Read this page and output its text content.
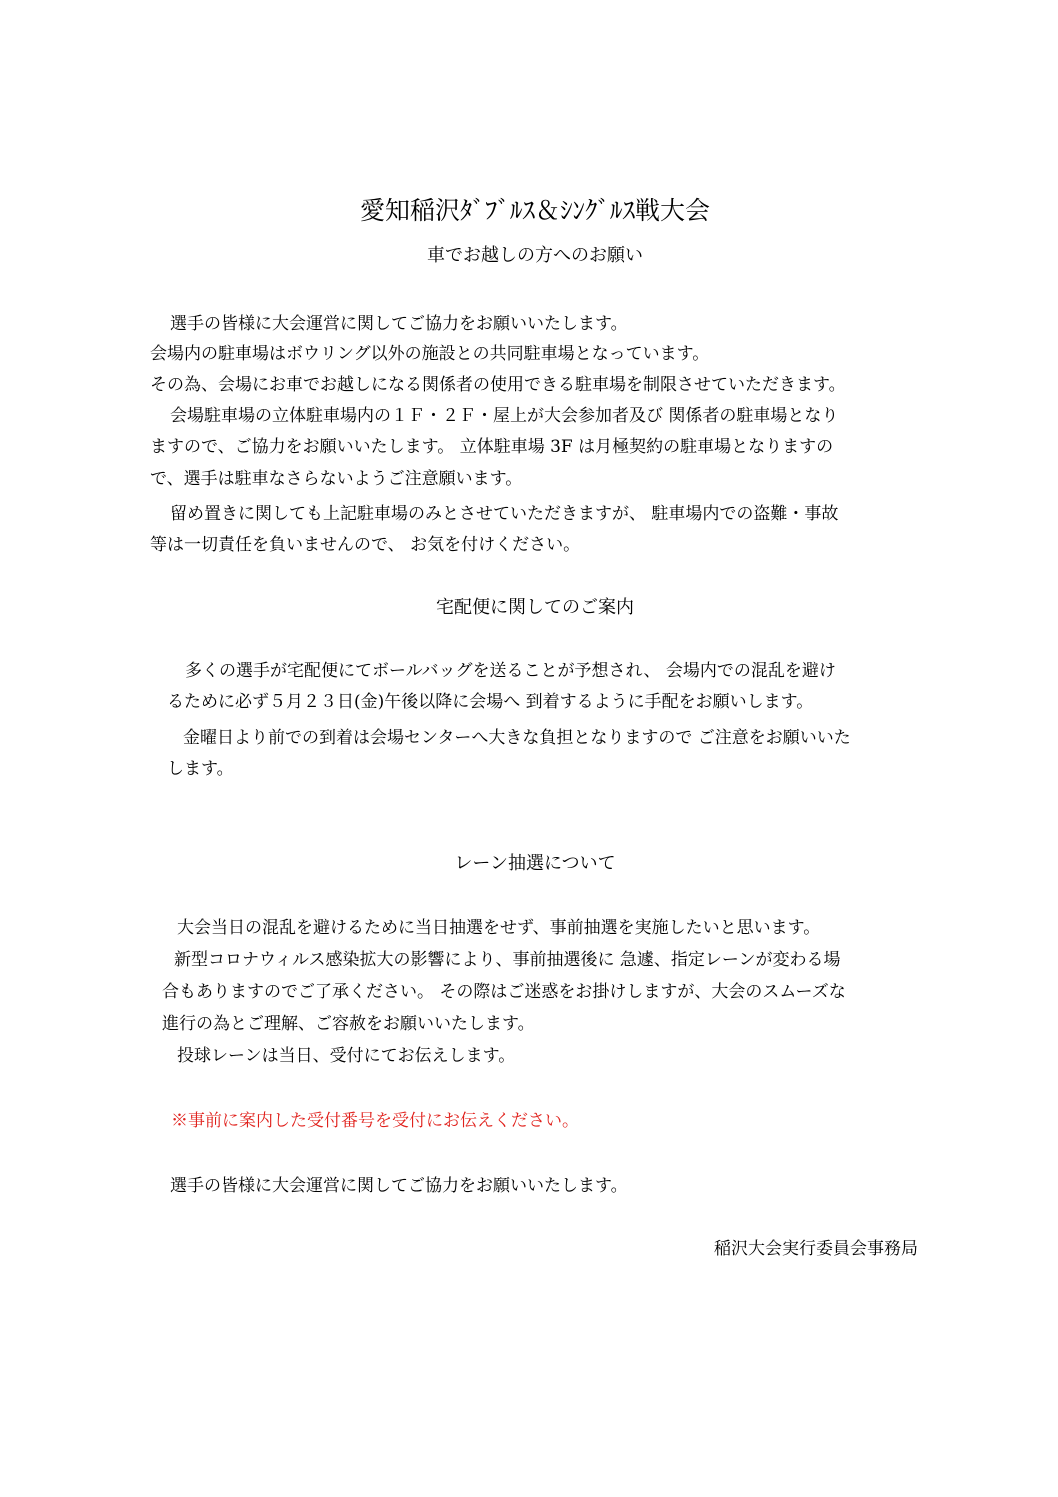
愛知稲沢ﾀﾞﾌﾞﾙｽ＆ｼﾝｸﾞﾙｽ戦大会
車でお越しの方へのお願い
選手の皆様に大会運営に関してご協力をお願いいたします。
会場内の駐車場はボウリング以外の施設との共同駐車場となっています。
その為、会場にお車でお越しになる関係者の使用できる駐車場を制限させていただきます。
会場駐車場の立体駐車場内の１Ｆ・２Ｆ・屋上が大会参加者及び 関係者の駐車場となり
ますので、ご協力をお願いいたします。 立体駐車場 3F は月極契約の駐車場となりますの
で、選手は駐車なさらないようご注意願います。
留め置きに関しても上記駐車場のみとさせていただきますが、 駐車場内での盗難・事故
等は一切責任を負いませんので、 お気を付けください。
宅配便に関してのご案内
多くの選手が宅配便にてボールバッグを送ることが予想され、 会場内での混乱を避け
るために必ず５月２３日(金)午後以降に会場へ 到着するように手配をお願いします。
金曜日より前での到着は会場センターへ大きな負担となりますので ご注意をお願いいた
します。
レーン抽選について
大会当日の混乱を避けるために当日抽選をせず、事前抽選を実施したいと思います。
新型コロナウィルス感染拡大の影響により、事前抽選後に 急遽、指定レーンが変わる場
合もありますのでご了承ください。 その際はご迷惑をお掛けしますが、大会のスムーズな
進行の為とご理解、ご容赦をお願いいたします。
投球レーンは当日、受付にてお伝えします。
※事前に案内した受付番号を受付にお伝えください。
選手の皆様に大会運営に関してご協力をお願いいたします。
稲沢大会実行委員会事務局
